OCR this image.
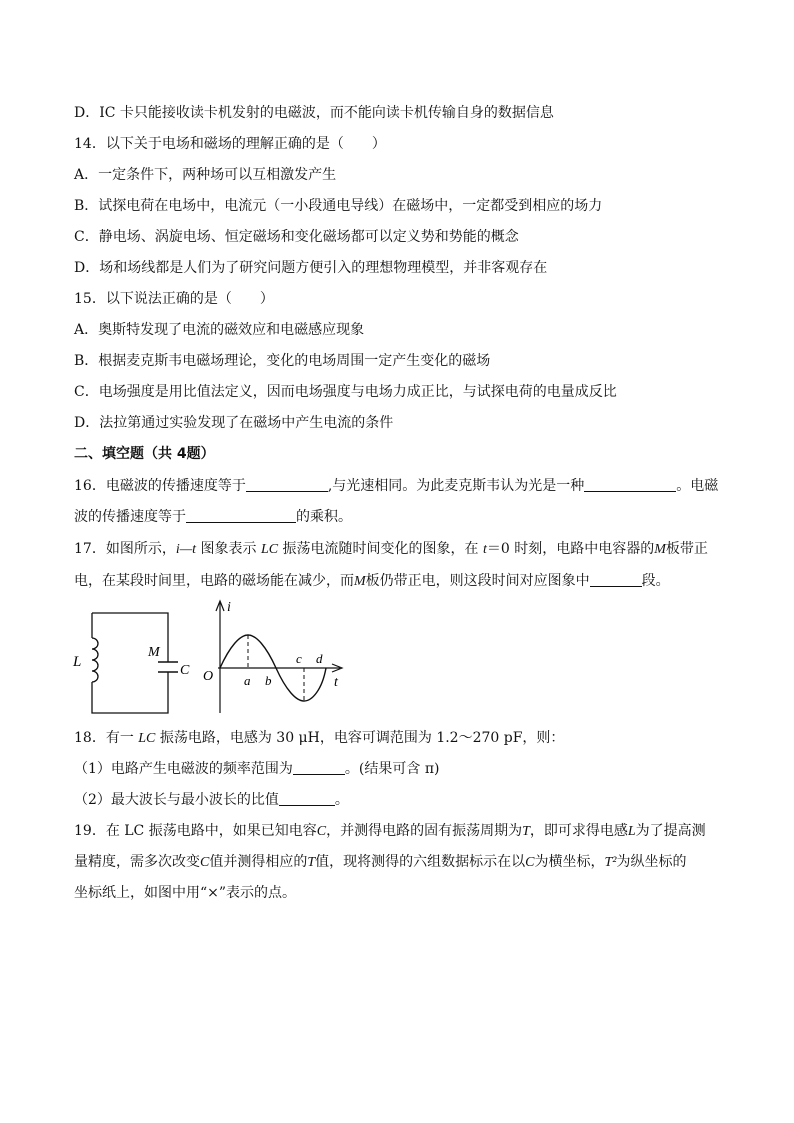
D．IC 卡只能接收读卡机发射的电磁波，而不能向读卡机传输自身的数据信息
14．以下关于电场和磁场的理解正确的是（　　）
A．一定条件下，两种场可以互相激发产生
B．试探电荷在电场中，电流元（一小段通电导线）在磁场中，一定都受到相应的场力
C．静电场、涡旋电场、恒定磁场和变化磁场都可以定义势和势能的概念
D．场和场线都是人们为了研究问题方便引入的理想物理模型，并非客观存在
15．以下说法正确的是（　　）
A．奥斯特发现了电流的磁效应和电磁感应现象
B．根据麦克斯韦电磁场理论，变化的电场周围一定产生变化的磁场
C．电场强度是用比值法定义，因而电场强度与电场力成正比，与试探电荷的电量成反比
D．法拉第通过实验发现了在磁场中产生电流的条件
二、填空题（共 4题）
16．电磁波的传播速度等于	,与光速相同。为此麦克斯韦认为光是一种	。电磁
波的传播速度等于	的乘积。
17．如图所示，i—t 图象表示 LC 振荡电流随时间变化的图象，在 t＝0 时刻，电路中电容器的M板带正
电，在某段时间里，电路的磁场能在减少，而M板仍带正电，则这段时间对应图象中	段。
L
M
C
i
O a b
c d
t
18．有一 LC 振荡电路，电感为 30 μH，电容可调范围为 1.2～270 pF，则：
（1）电路产生电磁波的频率范围为	。(结果可含 π)
（2）最大波长与最小波长的比值	。
19．在 LC 振荡电路中，如果已知电容C，并测得电路的固有振荡周期为T，即可求得电感L为了提高测
量精度，需多次改变C值并测得相应的T值，现将测得的六组数据标示在以C为横坐标，T²为纵坐标的
坐标纸上，如图中用“×”表示的点。
